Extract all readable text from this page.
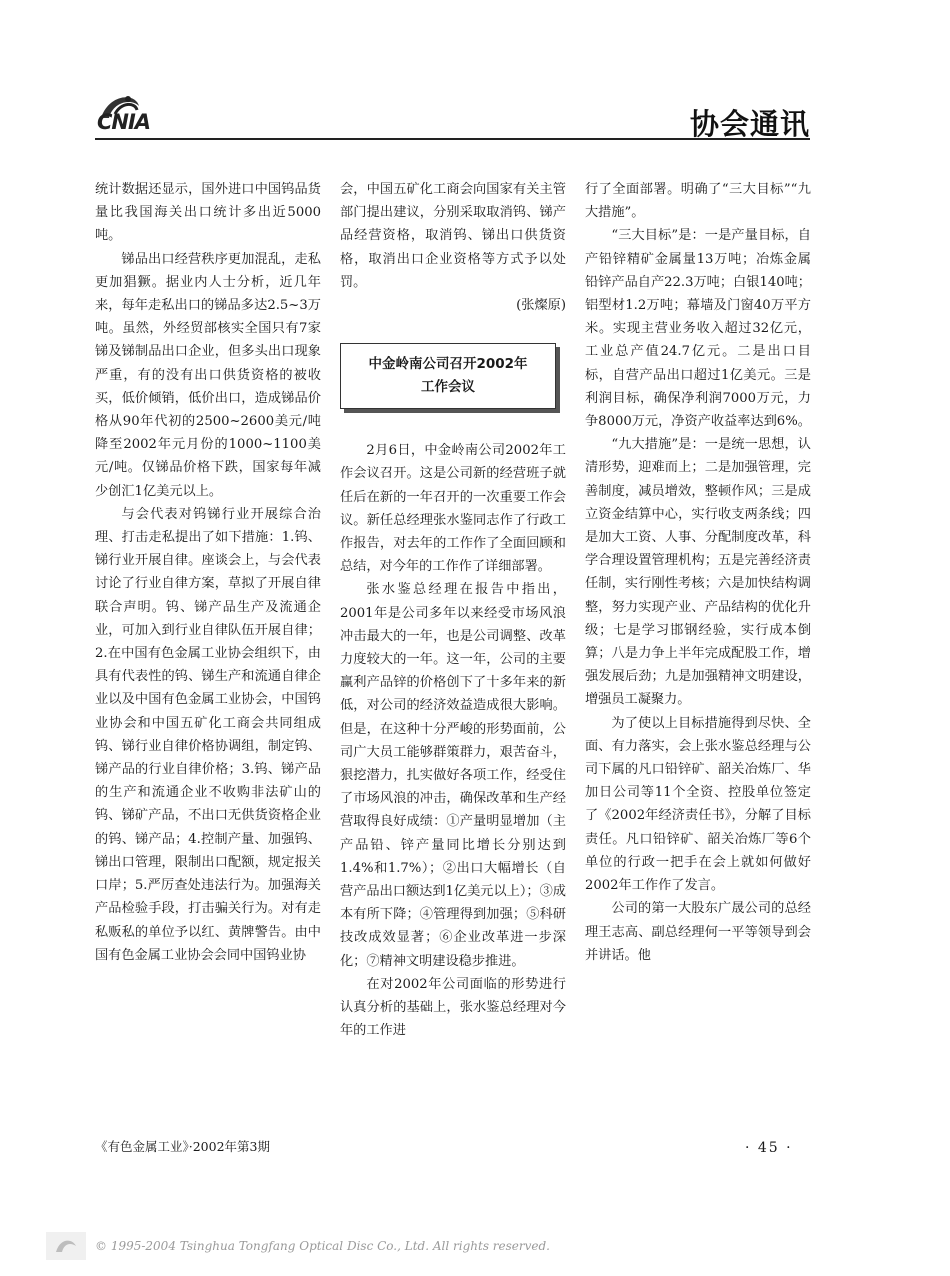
CNIA	协会通讯

统计数据还显示，国外进口中国钨品货量比我国海关出口统计多出近5000吨。

锑品出口经营秩序更加混乱，走私更加猖獗。据业内人士分析，近几年来，每年走私出口的锑品多达2.5~3万吨。虽然，外经贸部核实全国只有7家锑及锑制品出口企业，但多头出口现象严重，有的没有出口供货资格的被收买，低价倾销，低价出口，造成锑品价格从90年代初的2500~2600美元/吨降至2002年元月份的1000~1100美元/吨。仅锑品价格下跌，国家每年减少创汇1亿美元以上。

与会代表对钨锑行业开展综合治理、打击走私提出了如下措施：1.钨、锑行业开展自律。座谈会上，与会代表讨论了行业自律方案，草拟了开展自律联合声明。钨、锑产品生产及流通企业，可加入到行业自律队伍开展自律；2.在中国有色金属工业协会组织下，由具有代表性的钨、锑生产和流通自律企业以及中国有色金属工业协会，中国钨业协会和中国五矿化工商会共同组成钨、锑行业自律价格协调组，制定钨、锑产品的行业自律价格；3.钨、锑产品的生产和流通企业不收购非法矿山的钨、锑矿产品，不出口无供货资格企业的钨、锑产品；4.控制产量、加强钨、锑出口管理，限制出口配额，规定报关口岸；5.严厉查处违法行为。加强海关产品检验手段，打击骗关行为。对有走私贩私的单位予以红、黄牌警告。由中国有色金属工业协会会同中国钨业协

会，中国五矿化工商会向国家有关主管部门提出建议，分别采取取消钨、锑产品经营资格，取消钨、锑出口供货资格，取消出口企业资格等方式予以处罚。

(张燦原)

中金岭南公司召开2002年
工作会议

2月6日，中金岭南公司2002年工作会议召开。这是公司新的经营班子就任后在新的一年召开的一次重要工作会议。新任总经理张水鉴同志作了行政工作报告，对去年的工作作了全面回顾和总结，对今年的工作作了详细部署。

张水鉴总经理在报告中指出，2001年是公司多年以来经受市场风浪冲击最大的一年，也是公司调整、改革力度较大的一年。这一年，公司的主要赢利产品锌的价格创下了十多年来的新低，对公司的经济效益造成很大影响。但是，在这种十分严峻的形势面前，公司广大员工能够群策群力，艰苦奋斗，狠挖潜力，扎实做好各项工作，经受住了市场风浪的冲击，确保改革和生产经营取得良好成绩：①产量明显增加（主产品铅、锌产量同比增长分别达到1.4%和1.7%）；②出口大幅增长（自营产品出口额达到1亿美元以上）；③成本有所下降；④管理得到加强；⑤科研技改成效显著；⑥企业改革进一步深化；⑦精神文明建设稳步推进。

在对2002年公司面临的形势进行认真分析的基础上，张水鉴总经理对今年的工作进

行了全面部署。明确了“三大目标”“九大措施”。

“三大目标”是：一是产量目标，自产铅锌精矿金属量13万吨；冶炼金属铅锌产品自产22.3万吨；白银140吨；铝型材1.2万吨；幕墙及门窗40万平方米。实现主营业务收入超过32亿元，工业总产值24.7亿元。二是出口目标，自营产品出口超过1亿美元。三是利润目标，确保净利润7000万元，力争8000万元，净资产收益率达到6%。

“九大措施”是：一是统一思想，认清形势，迎难而上；二是加强管理，完善制度，减员增效，整顿作风；三是成立资金结算中心，实行收支两条线；四是加大工资、人事、分配制度改革，科学合理设置管理机构；五是完善经济责任制，实行刚性考核；六是加快结构调整，努力实现产业、产品结构的优化升级；七是学习邯钢经验，实行成本倒算；八是力争上半年完成配股工作，增强发展后劲；九是加强精神文明建设，增强员工凝聚力。

为了使以上目标措施得到尽快、全面、有力落实，会上张水鉴总经理与公司下属的凡口铅锌矿、韶关冶炼厂、华加日公司等11个全资、控股单位签定了《2002年经济责任书》，分解了目标责任。凡口铅锌矿、韶关冶炼厂等6个单位的行政一把手在会上就如何做好2002年工作作了发言。

公司的第一大股东广晟公司的总经理王志高、副总经理何一平等领导到会并讲话。他

《有色金属工业》·2002年第3期	· 45 ·
© 1995-2004 Tsinghua Tongfang Optical Disc Co., Ltd. All rights reserved.
